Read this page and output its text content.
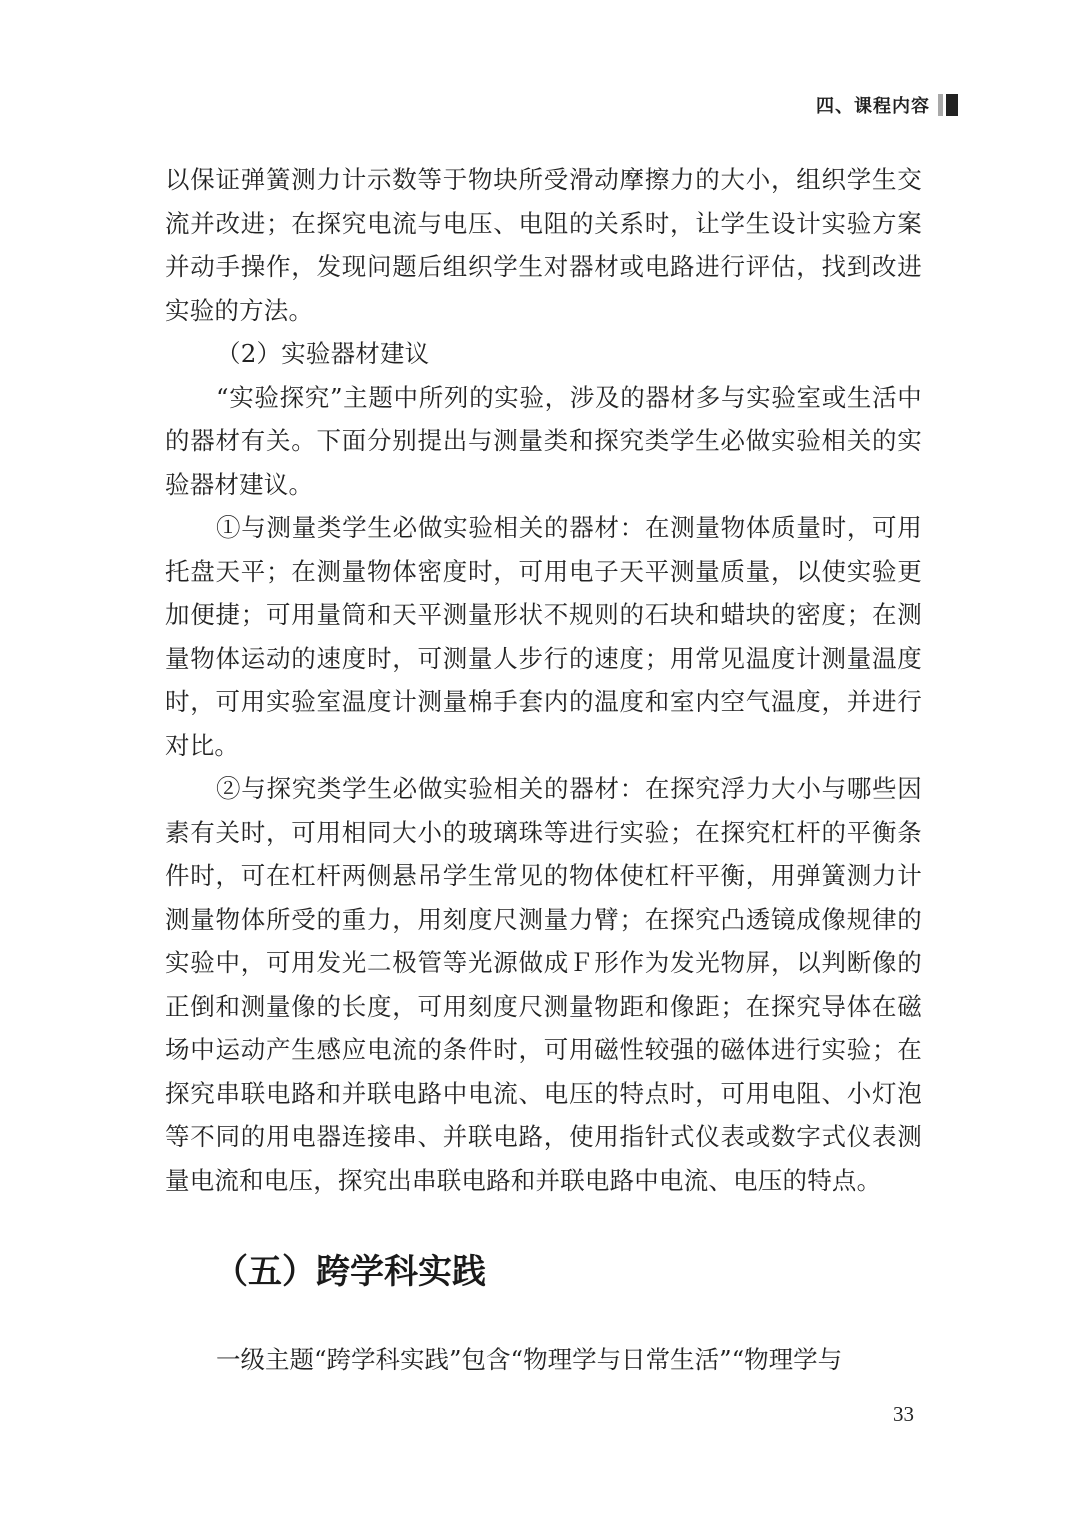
四、课程内容

以保证弹簧测力计示数等于物块所受滑动摩擦力的大小，组织学生交流并改进；在探究电流与电压、电阻的关系时，让学生设计实验方案并动手操作，发现问题后组织学生对器材或电路进行评估，找到改进实验的方法。

（2）实验器材建议

“实验探究”主题中所列的实验，涉及的器材多与实验室或生活中的器材有关。下面分别提出与测量类和探究类学生必做实验相关的实验器材建议。

①与测量类学生必做实验相关的器材：在测量物体质量时，可用托盘天平；在测量物体密度时，可用电子天平测量质量，以使实验更加便捷；可用量筒和天平测量形状不规则的石块和蜡块的密度；在测量物体运动的速度时，可测量人步行的速度；用常见温度计测量温度时，可用实验室温度计测量棉手套内的温度和室内空气温度，并进行对比。

②与探究类学生必做实验相关的器材：在探究浮力大小与哪些因素有关时，可用相同大小的玻璃珠等进行实验；在探究杠杆的平衡条件时，可在杠杆两侧悬吊学生常见的物体使杠杆平衡，用弹簧测力计测量物体所受的重力，用刻度尺测量力臂；在探究凸透镜成像规律的实验中，可用发光二极管等光源做成Ｆ形作为发光物屏，以判断像的正倒和测量像的长度，可用刻度尺测量物距和像距；在探究导体在磁场中运动产生感应电流的条件时，可用磁性较强的磁体进行实验；在探究串联电路和并联电路中电流、电压的特点时，可用电阻、小灯泡等不同的用电器连接串、并联电路，使用指针式仪表或数字式仪表测量电流和电压，探究出串联电路和并联电路中电流、电压的特点。

（五）跨学科实践

一级主题“跨学科实践”包含“物理学与日常生活”“物理学与

33
